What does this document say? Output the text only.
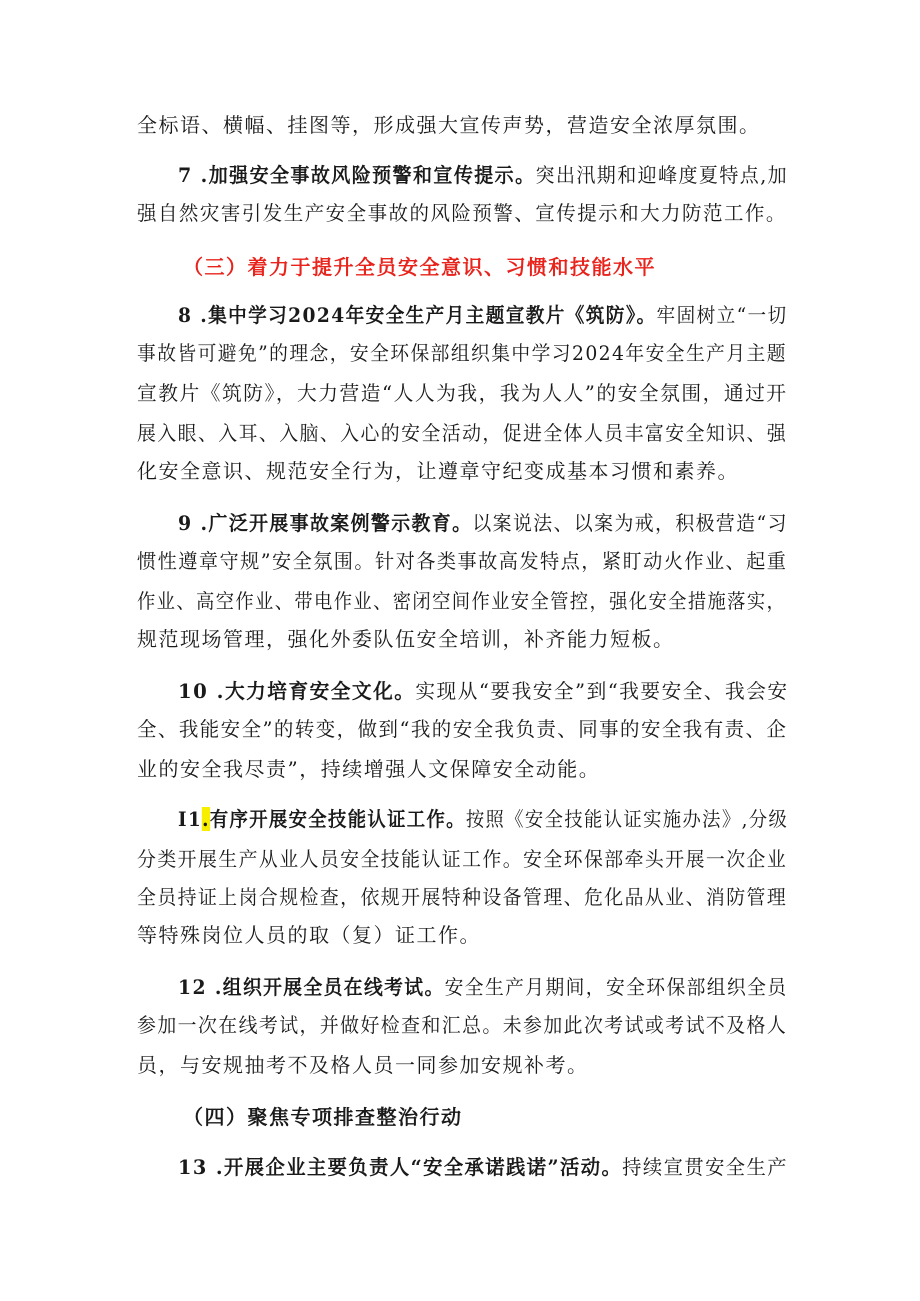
全标语、横幅、挂图等，形成强大宣传声势，营造安全浓厚氛围。
7 .加强安全事故风险预警和宣传提示。突出汛期和迎峰度夏特点,加
强自然灾害引发生产安全事故的风险预警、宣传提示和大力防范工作。
（三）着力于提升全员安全意识、习惯和技能水平
8 .集中学习2024年安全生产月主题宣教片《筑防》。牢固树立“一切
事故皆可避免”的理念，安全环保部组织集中学习2024年安全生产月主题
宣教片《筑防》，大力营造“人人为我，我为人人”的安全氛围，通过开
展入眼、入耳、入脑、入心的安全活动，促进全体人员丰富安全知识、强
化安全意识、规范安全行为，让遵章守纪变成基本习惯和素养。
9 .广泛开展事故案例警示教育。以案说法、以案为戒，积极营造“习
惯性遵章守规”安全氛围。针对各类事故高发特点，紧盯动火作业、起重
作业、高空作业、带电作业、密闭空间作业安全管控，强化安全措施落实，
规范现场管理，强化外委队伍安全培训，补齐能力短板。
10 .大力培育安全文化。实现从“要我安全”到“我要安全、我会安
全、我能安全”的转变，做到“我的安全我负责、同事的安全我有责、企
业的安全我尽责”，持续增强人文保障安全动能。
I1.有序开展安全技能认证工作。按照《安全技能认证实施办法》,分级
分类开展生产从业人员安全技能认证工作。安全环保部牵头开展一次企业
全员持证上岗合规检查，依规开展特种设备管理、危化品从业、消防管理
等特殊岗位人员的取（复）证工作。
12 .组织开展全员在线考试。安全生产月期间，安全环保部组织全员
参加一次在线考试，并做好检查和汇总。未参加此次考试或考试不及格人
员，与安规抽考不及格人员一同参加安规补考。
（四）聚焦专项排查整治行动
13 .开展企业主要负责人“安全承诺践诺”活动。持续宣贯安全生产
